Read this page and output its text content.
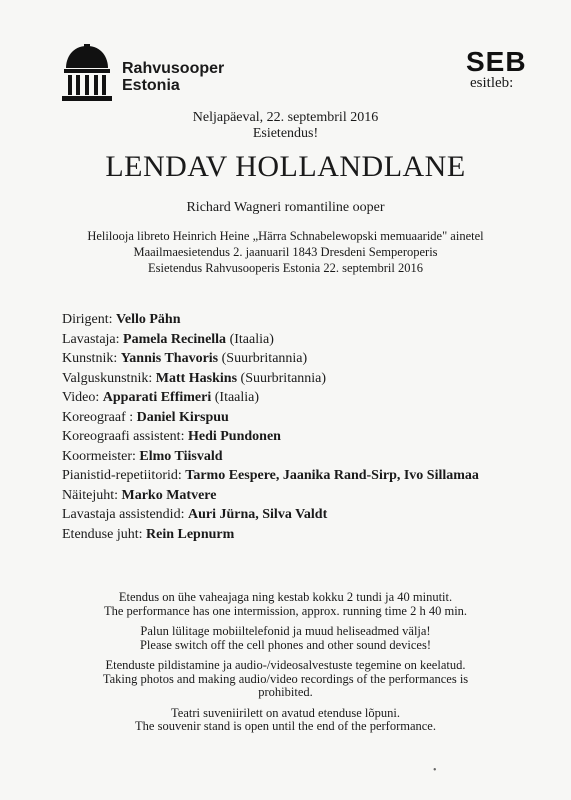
Rahvusooper
Estonia
SEB
esitleb:
Neljapäeval, 22. septembril 2016
Esietendus!
LENDAV HOLLANDLANE
Richard Wagneri romantiline ooper
Helilooja libreto Heinrich Heine „Härra Schnabelewopski memuaaride" ainetel
Maailmaesietendus 2. jaanuaril 1843 Dresdeni Semperoperis
Esietendus Rahvusooperis Estonia 22. septembril 2016
Dirigent: Vello Pähn
Lavastaja: Pamela Recinella (Itaalia)
Kunstnik: Yannis Thavoris (Suurbritannia)
Valguskunstnik: Matt Haskins (Suurbritannia)
Video: Apparati Effimeri (Itaalia)
Koreograaf : Daniel Kirspuu
Koreograafi assistent: Hedi Pundonen
Koormeister: Elmo Tiisvald
Pianistid-repetiitorid: Tarmo Eespere, Jaanika Rand-Sirp, Ivo Sillamaa
Näitejuht: Marko Matvere
Lavastaja assistendid: Auri Jürna, Silva Valdt
Etenduse juht: Rein Lepnurm

Etendus on ühe vaheajaga ning kestab kokku 2 tundi ja 40 minutit.
The performance has one intermission, approx. running time 2 h 40 min.

Palun lülitage mobiiltelefonid ja muud heliseadmed välja!
Please switch off the cell phones and other sound devices!

Etenduste pildistamine ja audio-/videosalvestuste tegemine on keelatud.
Taking photos and making audio/video recordings of the performances is
prohibited.

Teatri suveniirilett on avatud etenduse lõpuni.
The souvenir stand is open until the end of the performance.

•
